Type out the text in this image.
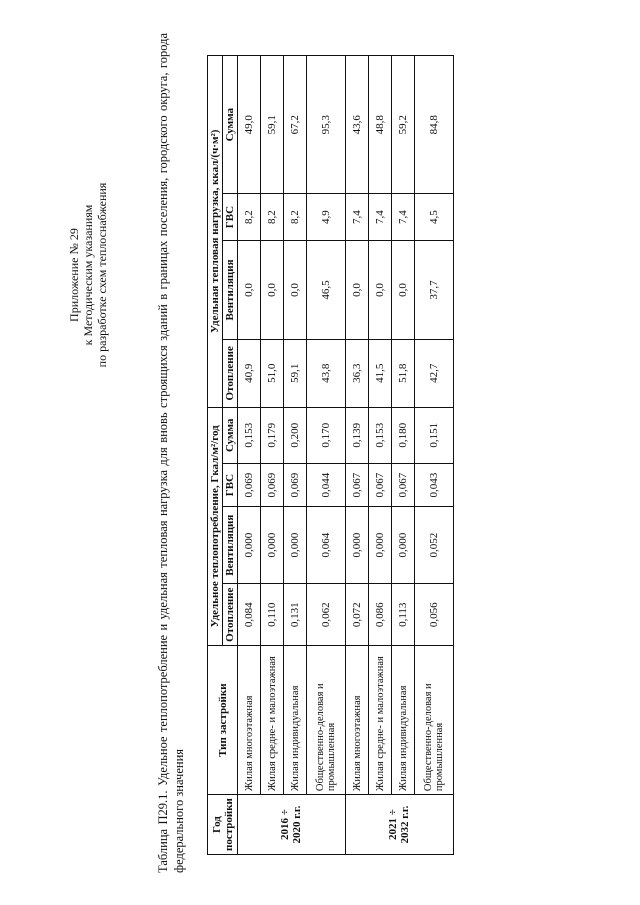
Приложение № 29 к Методическим указаниям по разработке схем теплоснабжения	Таблица П29.1. Удельное теплопотребление и удельная тепловая нагрузка для вновь строящихся зданий в границах поселения, городского округа, города федерального значения Год постройки	Тип застройки	Удельное теплопотребление, Гкал/м²/год				Удельная тепловая нагрузка, ккал/(ч·м²)			
		Отопление	Вентиляция	ГВС	Сумма	Отопление	Вентиляция	ГВС	Сумма
2016 ÷ 2020 г.г.	Жилая многоэтажная	0,084	0,000	0,069	0,153	40,9	0,0	8,2	49,0
	Жилая средне- и малоэтажная	0,110	0,000	0,069	0,179	51,0	0,0	8,2	59,1
	Жилая индивидуальная	0,131	0,000	0,069	0,200	59,1	0,0	8,2	67,2
	Общественно-деловая и промышленная	0,062	0,064	0,044	0,170	43,8	46,5	4,9	95,3
2021 ÷ 2032 г.г.	Жилая многоэтажная	0,072	0,000	0,067	0,139	36,3	0,0	7,4	43,6
	Жилая средне- и малоэтажная	0,086	0,000	0,067	0,153	41,5	0,0	7,4	48,8
	Жилая индивидуальная	0,113	0,000	0,067	0,180	51,8	0,0	7,4	59,2
	Общественно-деловая и промышленная	0,056	0,052	0,043	0,151	42,7	37,7	4,5	84,8
